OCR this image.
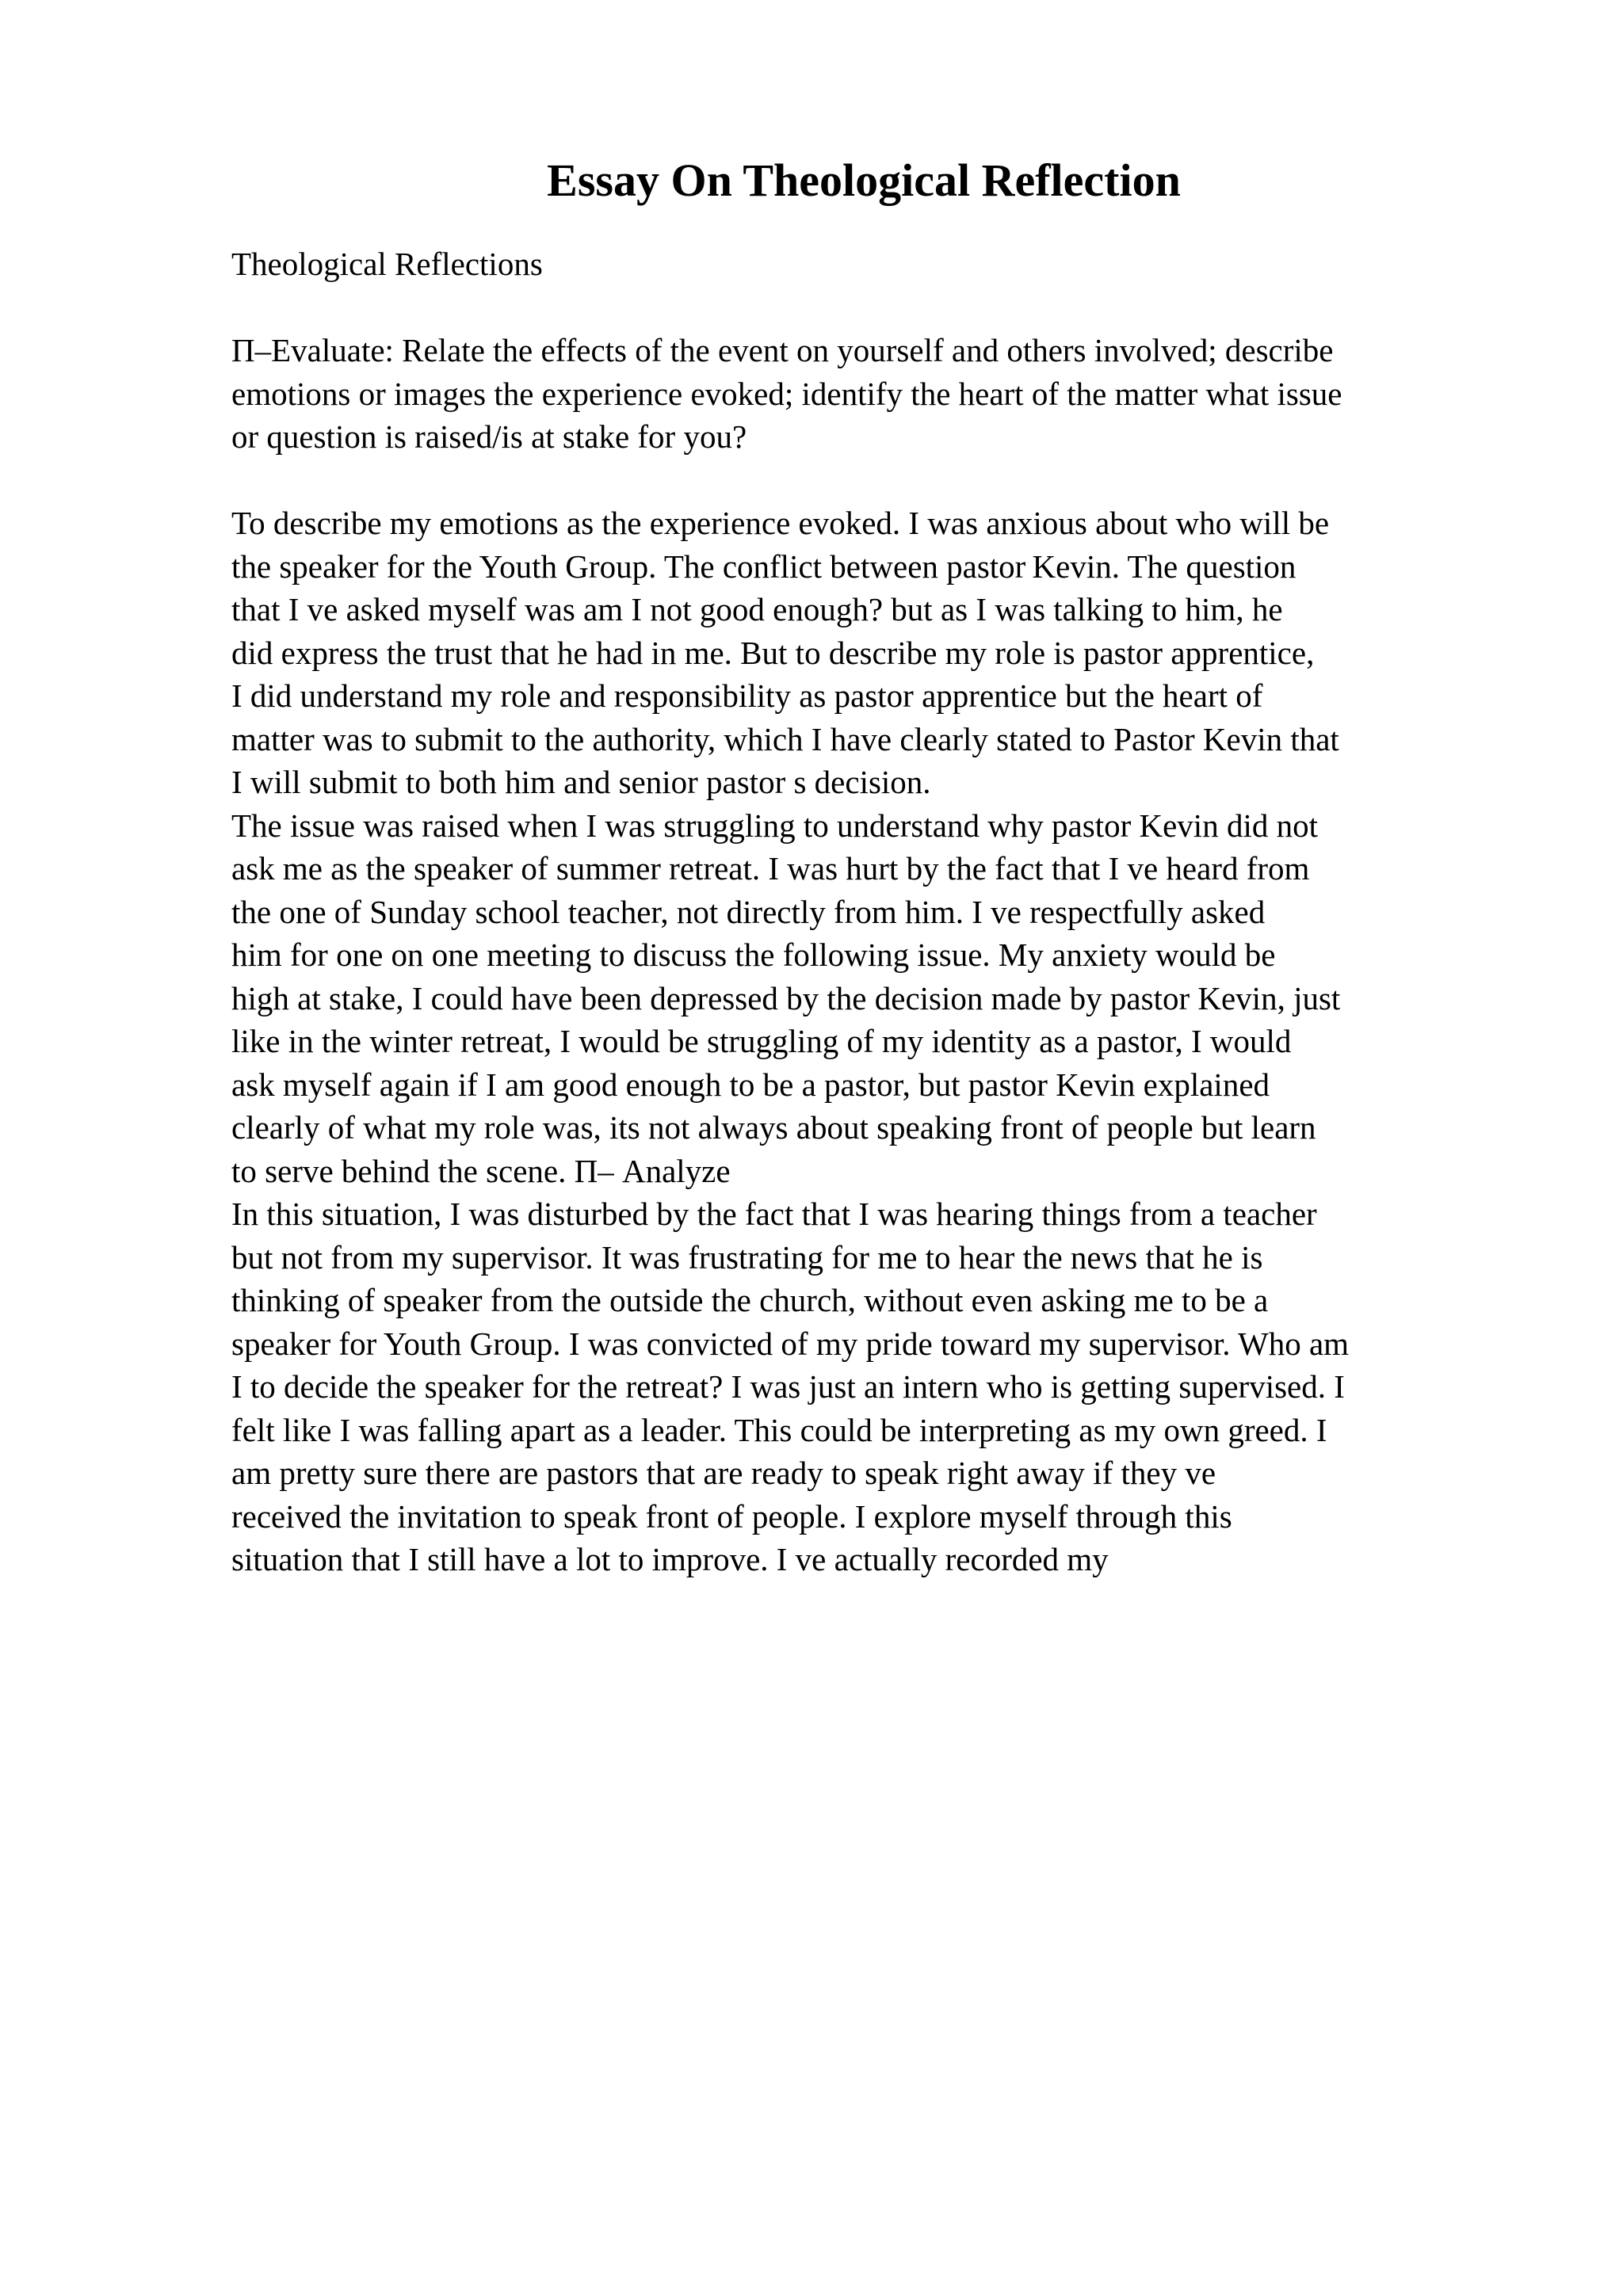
Essay On Theological Reflection
Theological Reflections
Π–Evaluate: Relate the effects of the event on yourself and others involved; describe
emotions or images the experience evoked; identify the heart of the matter what issue
or question is raised/is at stake for you?
To describe my emotions as the experience evoked. I was anxious about who will be
the speaker for the Youth Group. The conflict between pastor Kevin. The question
that I ve asked myself was am I not good enough? but as I was talking to him, he
did express the trust that he had in me. But to describe my role is pastor apprentice,
I did understand my role and responsibility as pastor apprentice but the heart of
matter was to submit to the authority, which I have clearly stated to Pastor Kevin that
I will submit to both him and senior pastor s decision.
The issue was raised when I was struggling to understand why pastor Kevin did not
ask me as the speaker of summer retreat. I was hurt by the fact that I ve heard from
the one of Sunday school teacher, not directly from him. I ve respectfully asked
him for one on one meeting to discuss the following issue. My anxiety would be
high at stake, I could have been depressed by the decision made by pastor Kevin, just
like in the winter retreat, I would be struggling of my identity as a pastor, I would
ask myself again if I am good enough to be a pastor, but pastor Kevin explained
clearly of what my role was, its not always about speaking front of people but learn
to serve behind the scene. Π– Analyze
In this situation, I was disturbed by the fact that I was hearing things from a teacher
but not from my supervisor. It was frustrating for me to hear the news that he is
thinking of speaker from the outside the church, without even asking me to be a
speaker for Youth Group. I was convicted of my pride toward my supervisor. Who am
I to decide the speaker for the retreat? I was just an intern who is getting supervised. I
felt like I was falling apart as a leader. This could be interpreting as my own greed. I
am pretty sure there are pastors that are ready to speak right away if they ve
received the invitation to speak front of people. I explore myself through this
situation that I still have a lot to improve. I ve actually recorded my
